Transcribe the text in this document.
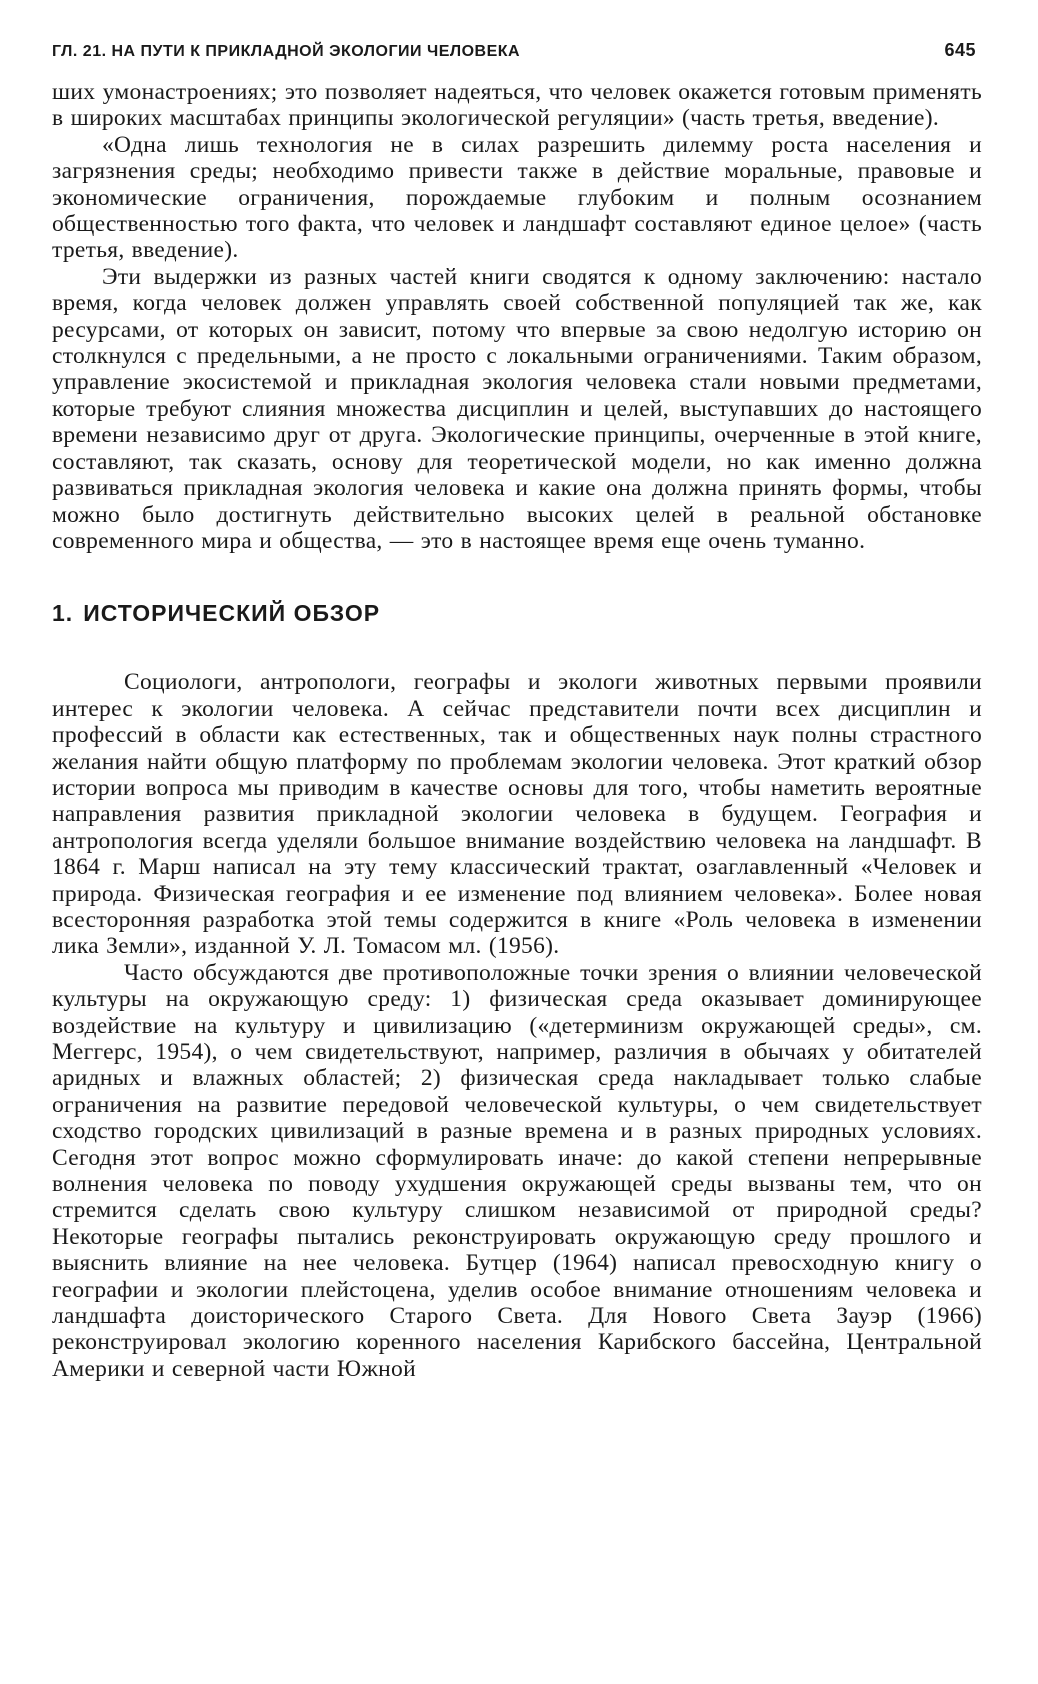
ГЛ. 21. НА ПУТИ К ПРИКЛАДНОЙ ЭКОЛОГИИ ЧЕЛОВЕКА	645

ших умонастроениях; это позволяет надеяться, что человек окажется готовым применять в широких масштабах принципы экологической регуляции» (часть третья, введение).

«Одна лишь технология не в силах разрешить дилемму роста населения и загрязнения среды; необходимо привести также в действие моральные, правовые и экономические ограничения, порождаемые глубоким и полным осознанием общественностью того факта, что человек и ландшафт составляют единое целое» (часть третья, введение).

Эти выдержки из разных частей книги сводятся к одному заключению: настало время, когда человек должен управлять своей собственной популяцией так же, как ресурсами, от которых он зависит, потому что впервые за свою недолгую историю он столкнулся с предельными, а не просто с локальными ограничениями. Таким образом, управление экосистемой и прикладная экология человека стали новыми предметами, которые требуют слияния множества дисциплин и целей, выступавших до настоящего времени независимо друг от друга. Экологические принципы, очерченные в этой книге, составляют, так сказать, основу для теоретической модели, но как именно должна развиваться прикладная экология человека и какие она должна принять формы, чтобы можно было достигнуть действительно высоких целей в реальной обстановке современного мира и общества, — это в настоящее время еще очень туманно.

1. ИСТОРИЧЕСКИЙ ОБЗОР

Социологи, антропологи, географы и экологи животных первыми проявили интерес к экологии человека. А сейчас представители почти всех дисциплин и профессий в области как естественных, так и общественных наук полны страстного желания найти общую платформу по проблемам экологии человека. Этот краткий обзор истории вопроса мы приводим в качестве основы для того, чтобы наметить вероятные направления развития прикладной экологии человека в будущем. География и антропология всегда уделяли большое внимание воздействию человека на ландшафт. В 1864 г. Марш написал на эту тему классический трактат, озаглавленный «Человек и природа. Физическая география и ее изменение под влиянием человека». Более новая всесторонняя разработка этой темы содержится в книге «Роль человека в изменении лика Земли», изданной У. Л. Томасом мл. (1956).

Часто обсуждаются две противоположные точки зрения о влиянии человеческой культуры на окружающую среду: 1) физическая среда оказывает доминирующее воздействие на культуру и цивилизацию («детерминизм окружающей среды», см. Меггерс, 1954), о чем свидетельствуют, например, различия в обычаях у обитателей аридных и влажных областей; 2) физическая среда накладывает только слабые ограничения на развитие передовой человеческой культуры, о чем свидетельствует сходство городских цивилизаций в разные времена и в разных природных условиях. Сегодня этот вопрос можно сформулировать иначе: до какой степени непрерывные волнения человека по поводу ухудшения окружающей среды вызваны тем, что он стремится сделать свою культуру слишком независимой от природной среды? Некоторые географы пытались реконструировать окружающую среду прошлого и выяснить влияние на нее человека. Бутцер (1964) написал превосходную книгу о географии и экологии плейстоцена, уделив особое внимание отношениям человека и ландшафта доисторического Старого Света. Для Нового Света Зауэр (1966) реконструировал экологию коренного населения Карибского бассейна, Центральной Америки и северной части Южной
